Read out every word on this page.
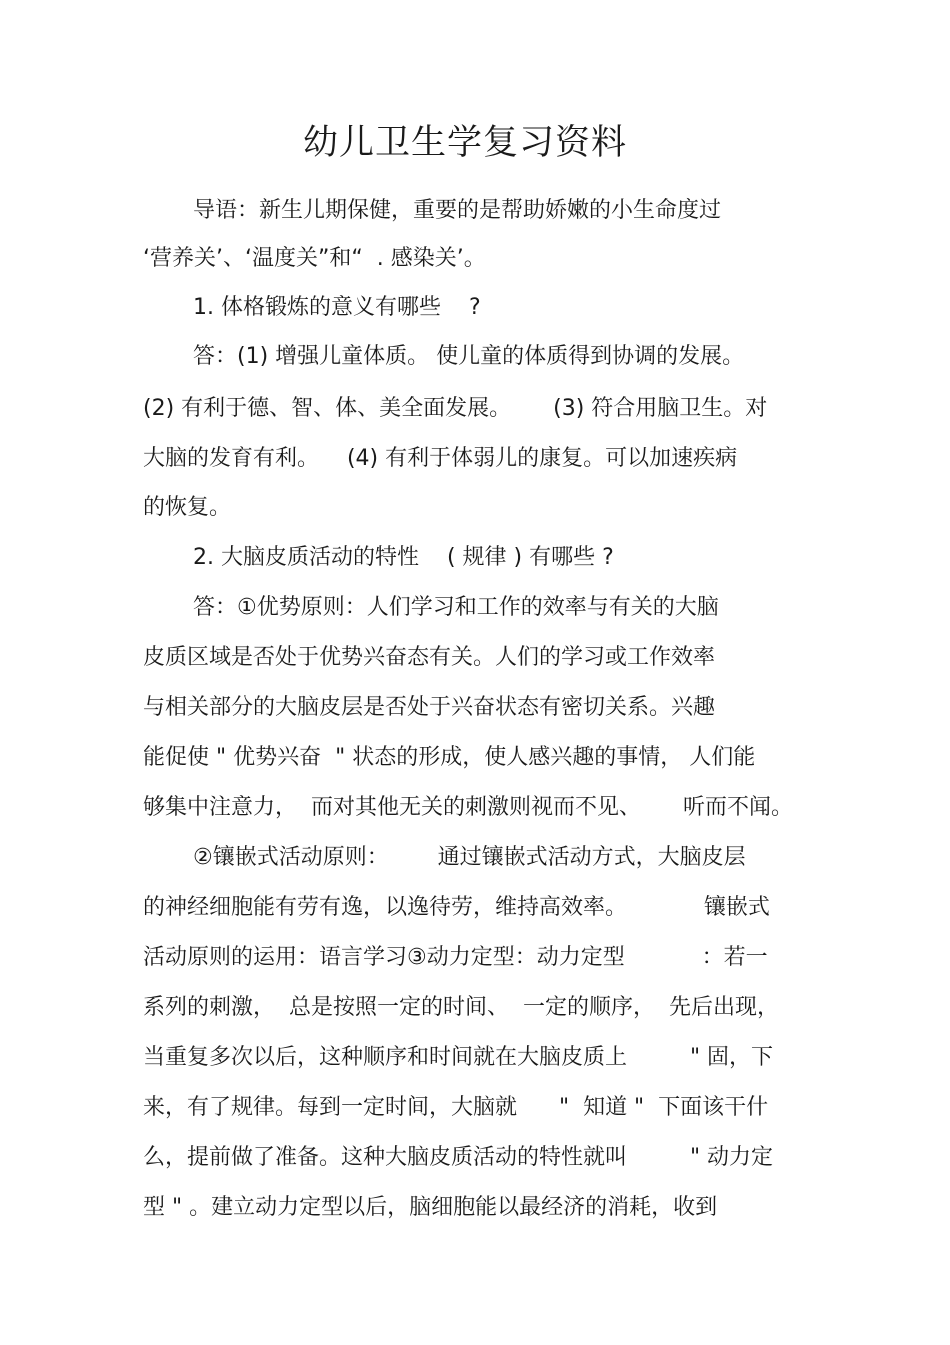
幼儿卫生学复习资料
导语：新生儿期保健，重要的是帮助娇嫩的小生命度过
‘营养关’、‘温度关”和“  . 感染关’。
1. 体格锻炼的意义有哪些    ?
答：(1) 增强儿童体质。 使儿童的体质得到协调的发展。
(2) 有利于德、智、体、美全面发展。      (3) 符合用脑卫生。对
大脑的发育有利。    (4) 有利于体弱儿的康复。可以加速疾病
的恢复。
2. 大脑皮质活动的特性    ( 规律 ) 有哪些 ?
答：①优势原则：人们学习和工作的效率与有关的大脑
皮质区域是否处于优势兴奋态有关。人们的学习或工作效率
与相关部分的大脑皮层是否处于兴奋状态有密切关系。兴趣
能促使 " 优势兴奋  " 状态的形成，使人感兴趣的事情， 人们能
够集中注意力，  而对其他无关的刺激则视而不见、      听而不闻。
②镶嵌式活动原则：       通过镶嵌式活动方式，大脑皮层
的神经细胞能有劳有逸，以逸待劳，维持高效率。           镶嵌式
活动原则的运用：语言学习③动力定型：动力定型           ：若一
系列的刺激，  总是按照一定的时间、  一定的顺序，  先后出现，
当重复多次以后，这种顺序和时间就在大脑皮质上         " 固，下
来，有了规律。每到一定时间，大脑就      "  知道 "  下面该干什
么，提前做了准备。这种大脑皮质活动的特性就叫         " 动力定
型 " 。建立动力定型以后，脑细胞能以最经济的消耗，收到
